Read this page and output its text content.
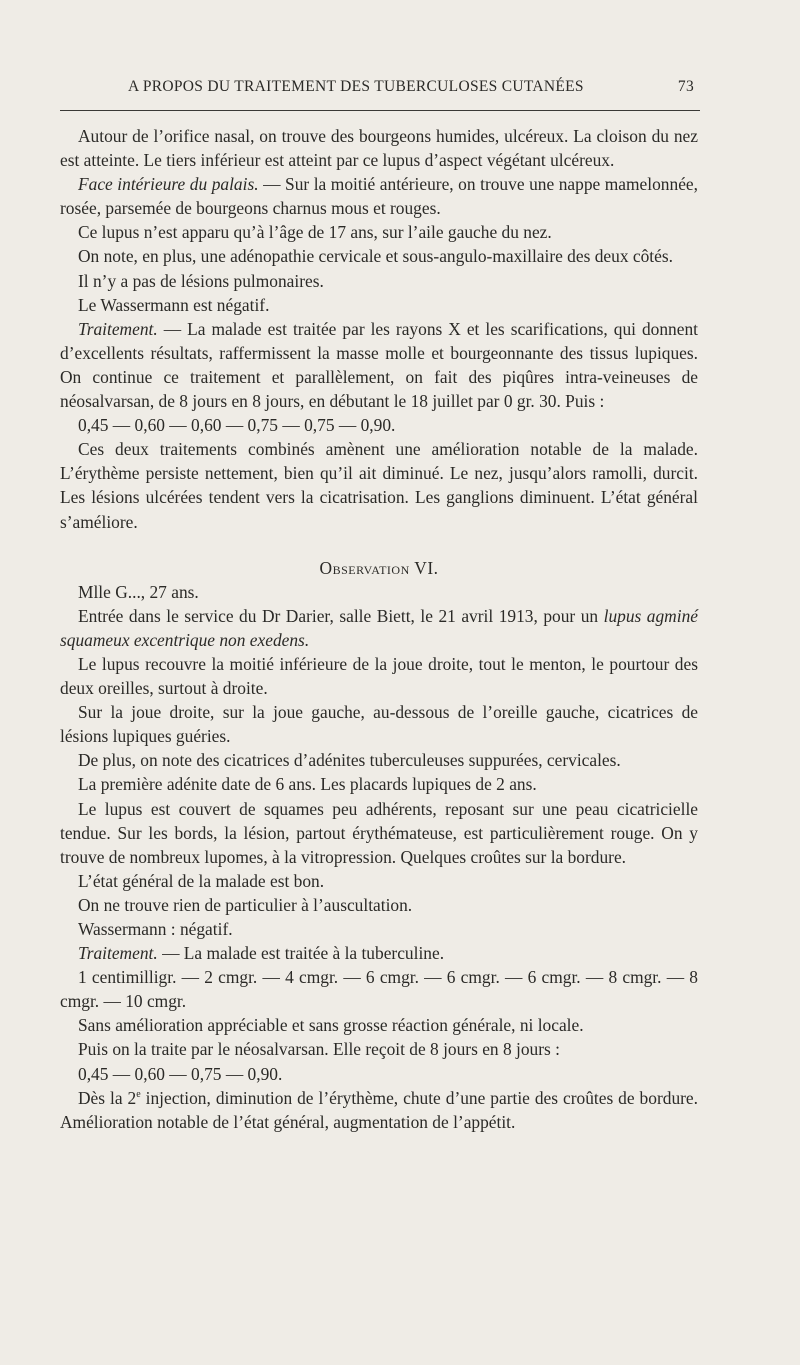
A PROPOS DU TRAITEMENT DES TUBERCULOSES CUTANÉES	73

Autour de l’orifice nasal, on trouve des bourgeons humides, ulcéreux. La cloison du nez est atteinte. Le tiers inférieur est atteint par ce lupus d’aspect végétant ulcéreux.

Face intérieure du palais. — Sur la moitié antérieure, on trouve une nappe mamelonnée, rosée, parsemée de bourgeons charnus mous et rouges.

Ce lupus n’est apparu qu’à l’âge de 17 ans, sur l’aile gauche du nez.

On note, en plus, une adénopathie cervicale et sous-angulo-maxillaire des deux côtés.

Il n’y a pas de lésions pulmonaires.

Le Wassermann est négatif.

Traitement. — La malade est traitée par les rayons X et les scarifications, qui donnent d’excellents résultats, raffermissent la masse molle et bourgeonnante des tissus lupiques. On continue ce traitement et parallèlement, on fait des piqûres intra-veineuses de néosalvarsan, de 8 jours en 8 jours, en débutant le 18 juillet par 0 gr. 30. Puis :

0,45 — 0,60 — 0,60 — 0,75 — 0,75 — 0,90.

Ces deux traitements combinés amènent une amélioration notable de la malade. L’érythème persiste nettement, bien qu’il ait diminué. Le nez, jusqu’alors ramolli, durcit. Les lésions ulcérées tendent vers la cicatrisation. Les ganglions diminuent. L’état général s’améliore.

Observation VI.

Mlle G..., 27 ans.

Entrée dans le service du Dr Darier, salle Biett, le 21 avril 1913, pour un lupus agminé squameux excentrique non exedens.

Le lupus recouvre la moitié inférieure de la joue droite, tout le menton, le pourtour des deux oreilles, surtout à droite.

Sur la joue droite, sur la joue gauche, au-dessous de l’oreille gauche, cicatrices de lésions lupiques guéries.

De plus, on note des cicatrices d’adénites tuberculeuses suppurées, cervicales.

La première adénite date de 6 ans. Les placards lupiques de 2 ans.

Le lupus est couvert de squames peu adhérents, reposant sur une peau cicatricielle tendue. Sur les bords, la lésion, partout érythémateuse, est particulièrement rouge. On y trouve de nombreux lupomes, à la vitropression. Quelques croûtes sur la bordure.

L’état général de la malade est bon.

On ne trouve rien de particulier à l’auscultation.

Wassermann : négatif.

Traitement. — La malade est traitée à la tuberculine.

1 centimilligr. — 2 cmgr. — 4 cmgr. — 6 cmgr. — 6 cmgr. — 6 cmgr. — 8 cmgr. — 8 cmgr. — 10 cmgr.

Sans amélioration appréciable et sans grosse réaction générale, ni locale.

Puis on la traite par le néosalvarsan. Elle reçoit de 8 jours en 8 jours :

0,45 — 0,60 — 0,75 — 0,90.

Dès la 2e injection, diminution de l’érythème, chute d’une partie des croûtes de bordure. Amélioration notable de l’état général, augmentation de l’appétit.
